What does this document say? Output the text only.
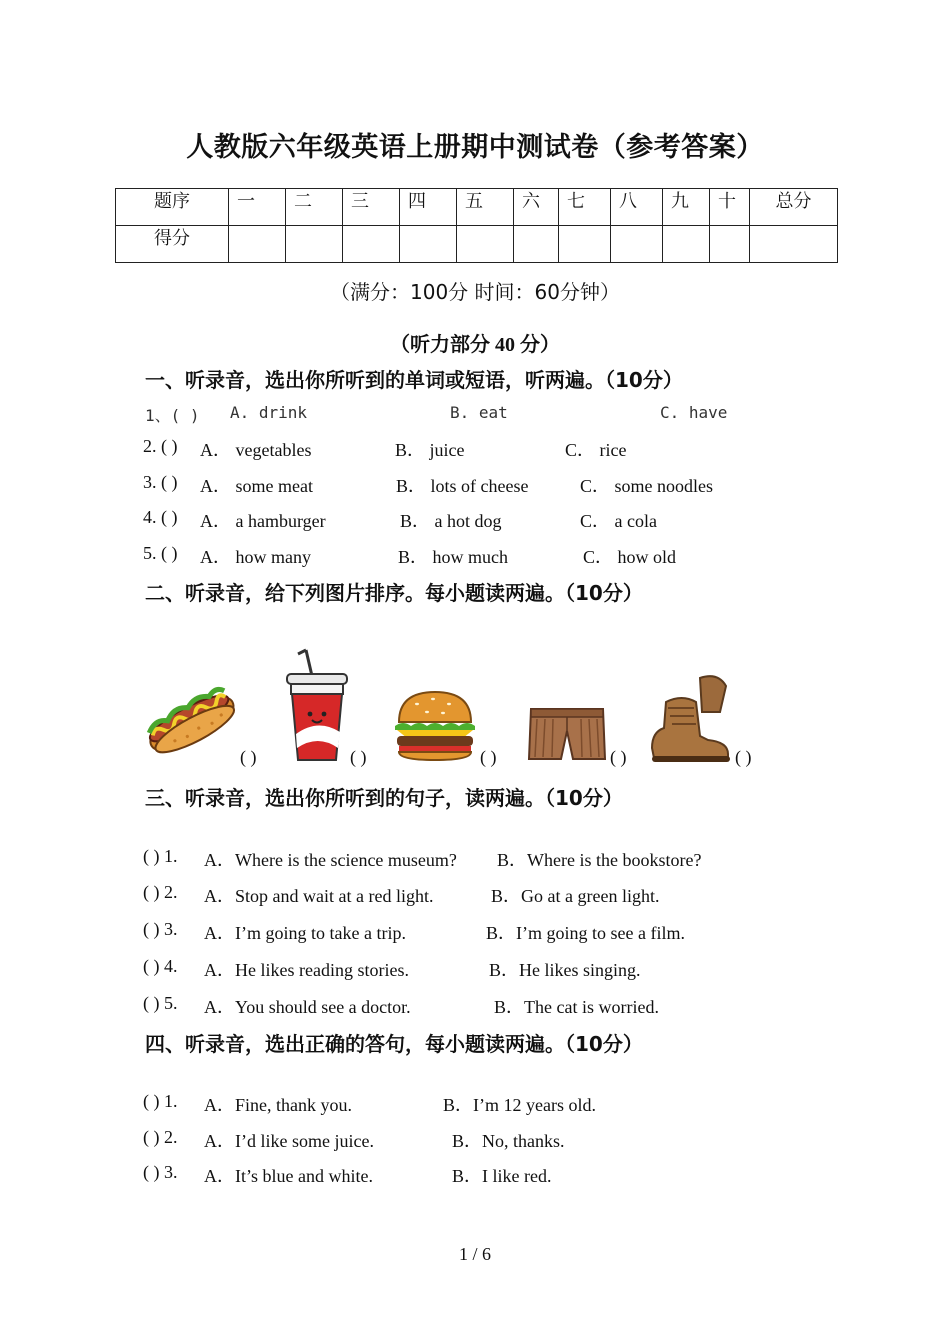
人教版六年级英语上册期中测试卷（参考答案）
题序	一	二	三	四	五	六	七	八	九	十	总分
得分											
（满分：100分 时间：60分钟）
（听力部分 40 分）
一、听录音，选出你所听到的单词或短语，听两遍。（10分）
1、( ) A. drink	B. eat	C. have
2. ( ) A． vegetables	B． juice	C． rice
3. ( ) A． some meat	B． lots of cheese	C． some noodles
4. ( ) A． a hamburger	B． a hot dog	C． a cola
5. ( ) A． how many	B． how much	C． how old
二、听录音，给下列图片排序。每小题读两遍。（10分）
( )	( )	( )	( )	( )
三、听录音，选出你所听到的句子，读两遍。（10分）
( ) 1. A．Where is the science museum? B．Where is the bookstore?
( ) 2. A．Stop and wait at a red light.	B．Go at a green light.
( ) 3. A．I’m going to take a trip.	B．I’m going to see a film.
( ) 4. A．He likes reading stories.	B．He likes singing.
( ) 5. A．You should see a doctor.	B．The cat is worried.
四、听录音，选出正确的答句，每小题读两遍。（10分）
( ) 1. A．Fine, thank you.	B．I’m 12 years old.
( ) 2. A．I’d like some juice.	B．No, thanks.
( ) 3. A．It’s blue and white.	B．I like red.
1 / 6
